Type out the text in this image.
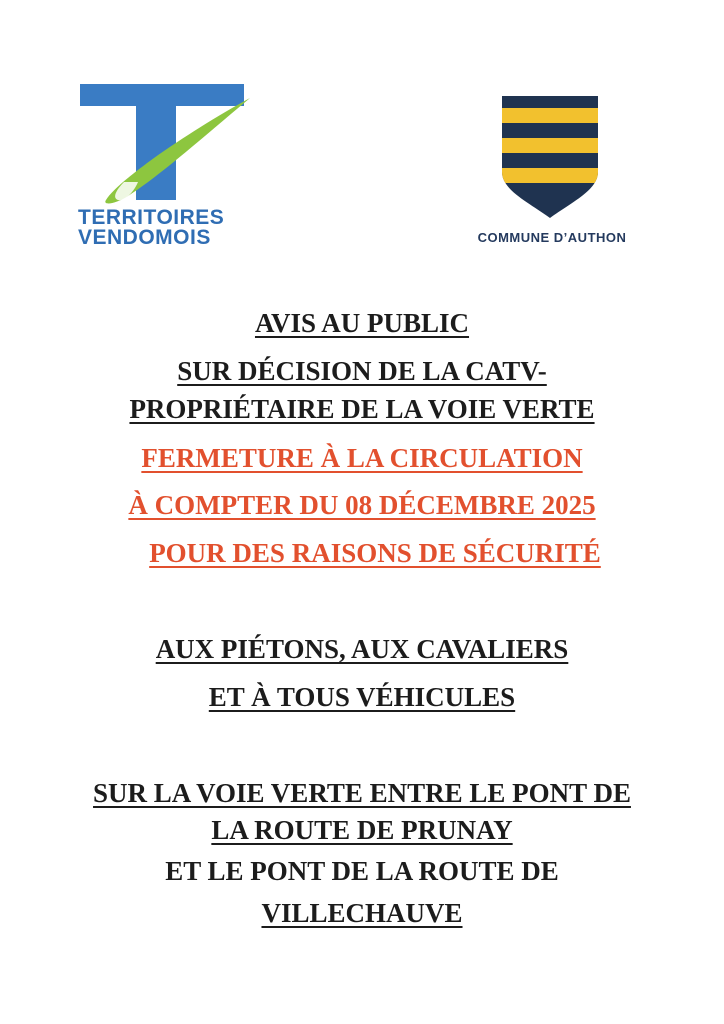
TERRITOIRES
VENDOMOIS	COMMUNE D’AUTHON
AVIS AU PUBLIC
SUR DÉCISION DE LA CATV-
PROPRIÉTAIRE DE LA VOIE VERTE
FERMETURE À LA CIRCULATION
À COMPTER DU 08 DÉCEMBRE 2025
POUR DES RAISONS DE SÉCURITÉ
AUX PIÉTONS, AUX CAVALIERS
ET À TOUS VÉHICULES
SUR LA VOIE VERTE ENTRE LE PONT DE
LA ROUTE DE PRUNAY
ET LE PONT DE LA ROUTE DE
VILLECHAUVE
